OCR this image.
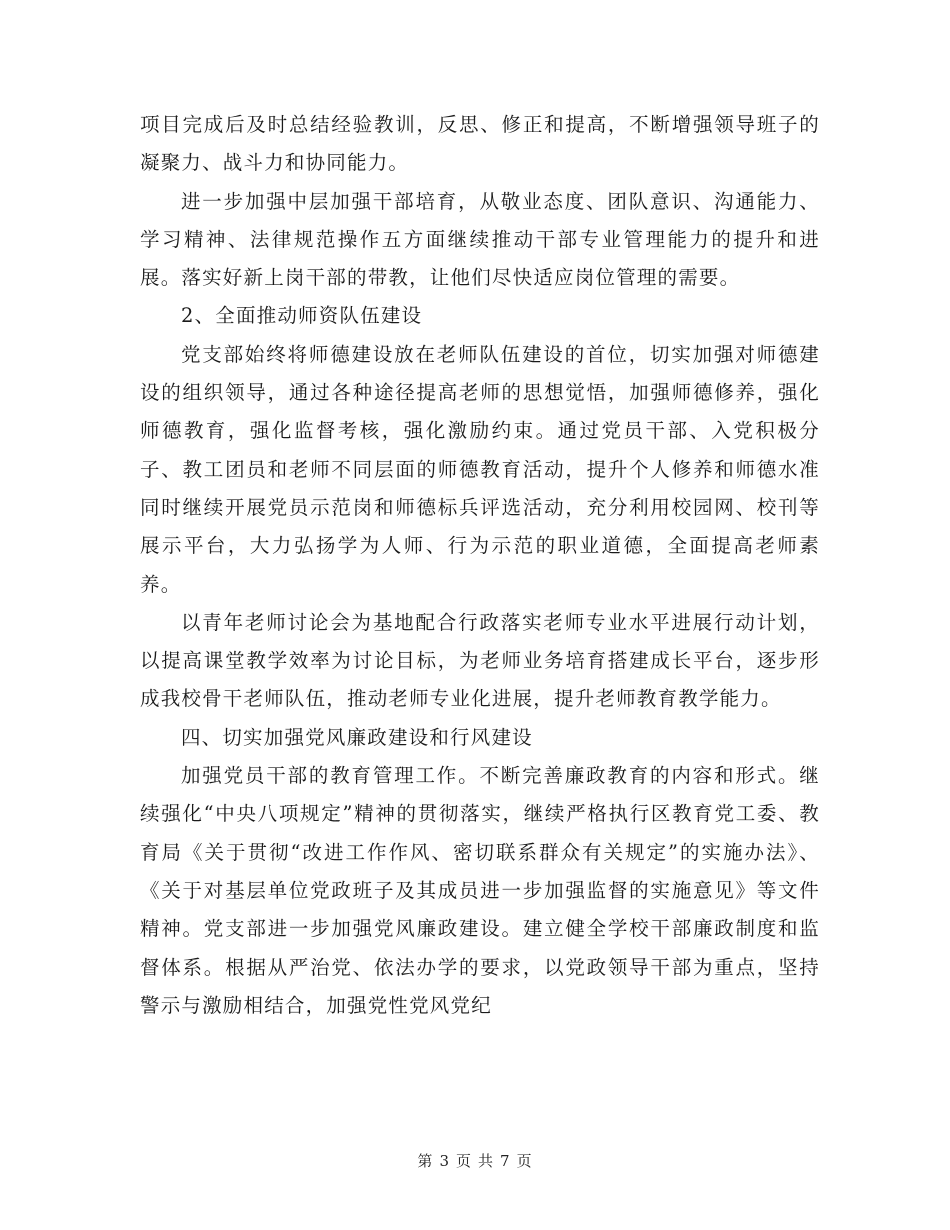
项目完成后及时总结经验教训，反思、修正和提高，不断增强领导班子的凝聚力、战斗力和协同能力。

进一步加强中层加强干部培育，从敬业态度、团队意识、沟通能力、学习精神、法律规范操作五方面继续推动干部专业管理能力的提升和进展。落实好新上岗干部的带教，让他们尽快适应岗位管理的需要。

2、全面推动师资队伍建设

党支部始终将师德建设放在老师队伍建设的首位，切实加强对师德建设的组织领导，通过各种途径提高老师的思想觉悟，加强师德修养，强化师德教育，强化监督考核，强化激励约束。通过党员干部、入党积极分子、教工团员和老师不同层面的师德教育活动，提升个人修养和师德水准同时继续开展党员示范岗和师德标兵评选活动，充分利用校园网、校刊等展示平台，大力弘扬学为人师、行为示范的职业道德，全面提高老师素养。

以青年老师讨论会为基地配合行政落实老师专业水平进展行动计划，以提高课堂教学效率为讨论目标，为老师业务培育搭建成长平台，逐步形成我校骨干老师队伍，推动老师专业化进展，提升老师教育教学能力。

四、切实加强党风廉政建设和行风建设

加强党员干部的教育管理工作。不断完善廉政教育的内容和形式。继续强化“中央八项规定”精神的贯彻落实，继续严格执行区教育党工委、教育局《关于贯彻“改进工作作风、密切联系群众有关规定”的实施办法》、《关于对基层单位党政班子及其成员进一步加强监督的实施意见》等文件精神。党支部进一步加强党风廉政建设。建立健全学校干部廉政制度和监督体系。根据从严治党、依法办学的要求，以党政领导干部为重点，坚持警示与激励相结合，加强党性党风党纪

第 3 页 共 7 页
